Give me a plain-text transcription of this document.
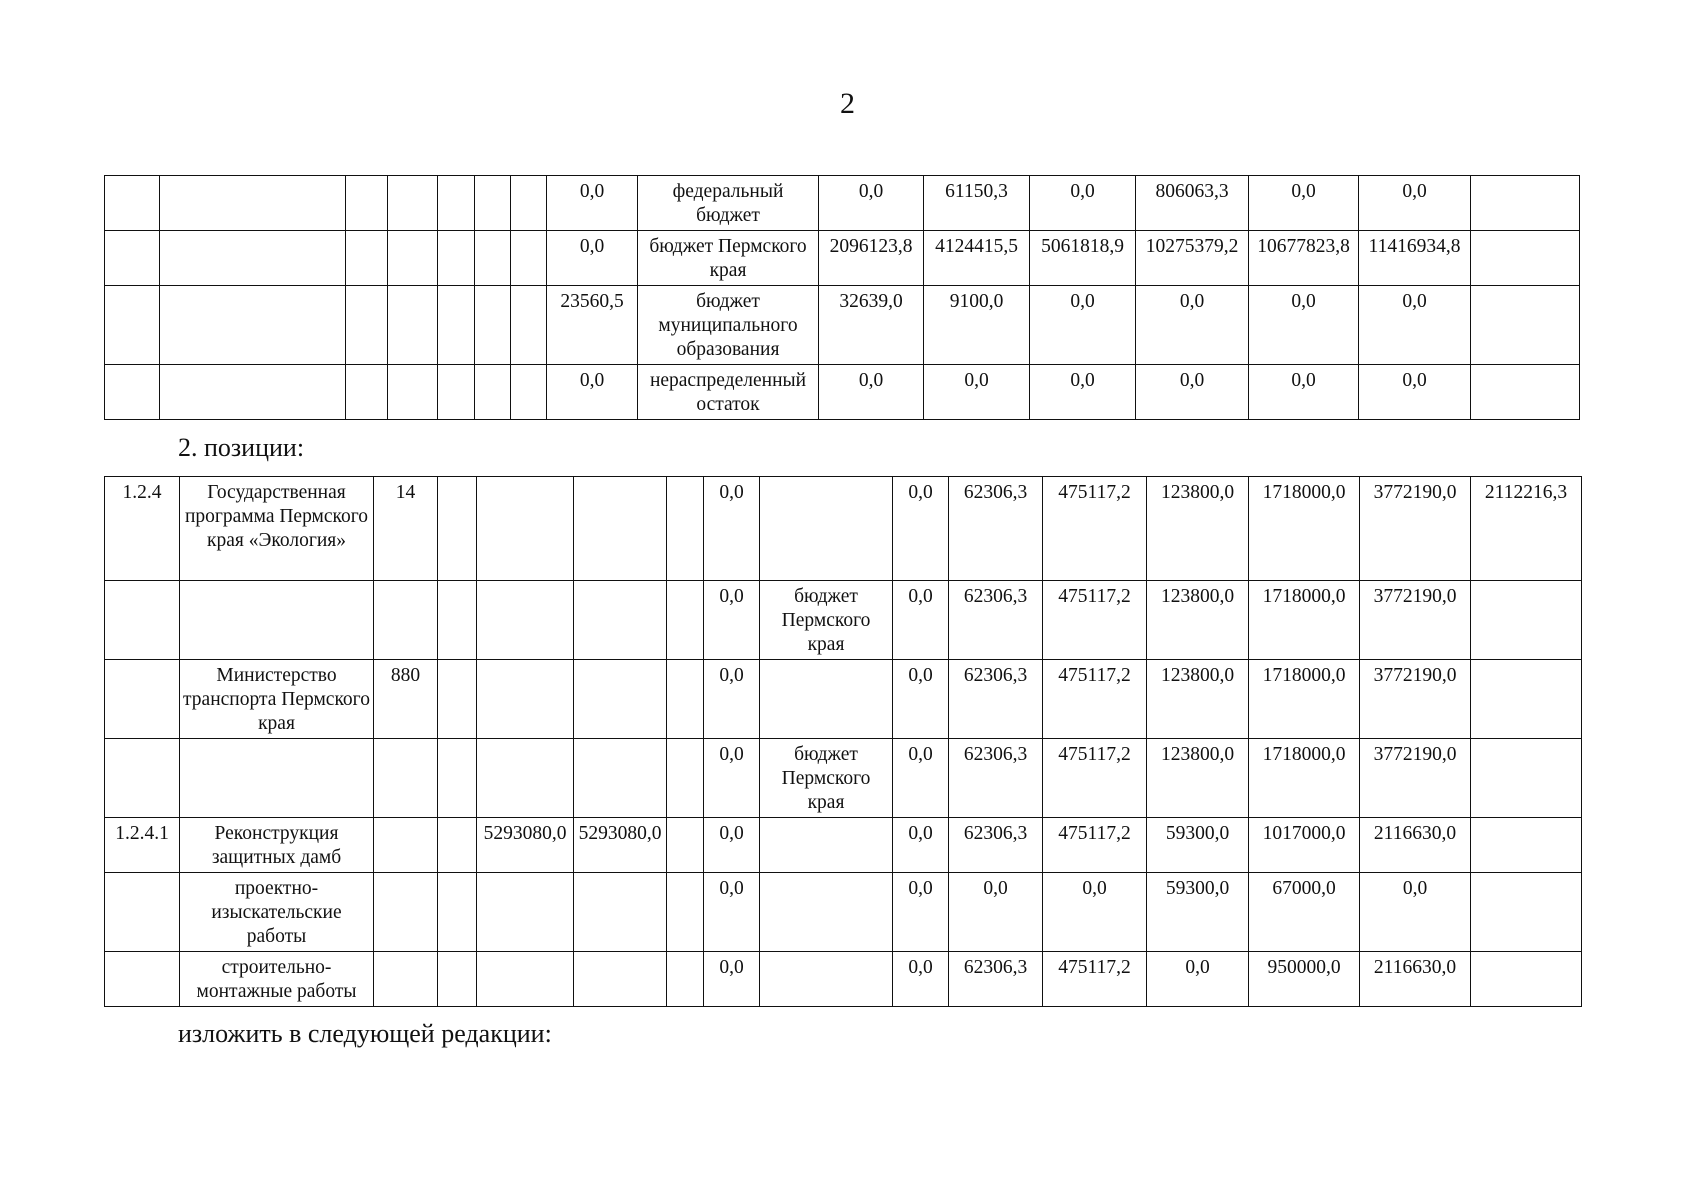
2
							0,0	федеральный бюджет	0,0	61150,3	0,0	806063,3	0,0	0,0	
							0,0	бюджет Пермского края	2096123,8	4124415,5	5061818,9	10275379,2	10677823,8	11416934,8	
							23560,5	бюджет муниципального образования	32639,0	9100,0	0,0	0,0	0,0	0,0	
							0,0	нераспределенный остаток	0,0	0,0	0,0	0,0	0,0	0,0	
2. позиции:
1.2.4	Государственная программа Пермского края «Экология»	14					0,0		0,0	62306,3	475117,2	123800,0	1718000,0	3772190,0	2112216,3
							0,0	бюджет Пермского края	0,0	62306,3	475117,2	123800,0	1718000,0	3772190,0	
	Министерство транспорта Пермского края	880					0,0		0,0	62306,3	475117,2	123800,0	1718000,0	3772190,0	
							0,0	бюджет Пермского края	0,0	62306,3	475117,2	123800,0	1718000,0	3772190,0	
1.2.4.1	Реконструкция защитных дамб			5293080,0	5293080,0		0,0		0,0	62306,3	475117,2	59300,0	1017000,0	2116630,0	
	проектно-изыскательские работы						0,0		0,0	0,0	0,0	59300,0	67000,0	0,0	
	строительно-монтажные работы						0,0		0,0	62306,3	475117,2	0,0	950000,0	2116630,0	
изложить в следующей редакции:
